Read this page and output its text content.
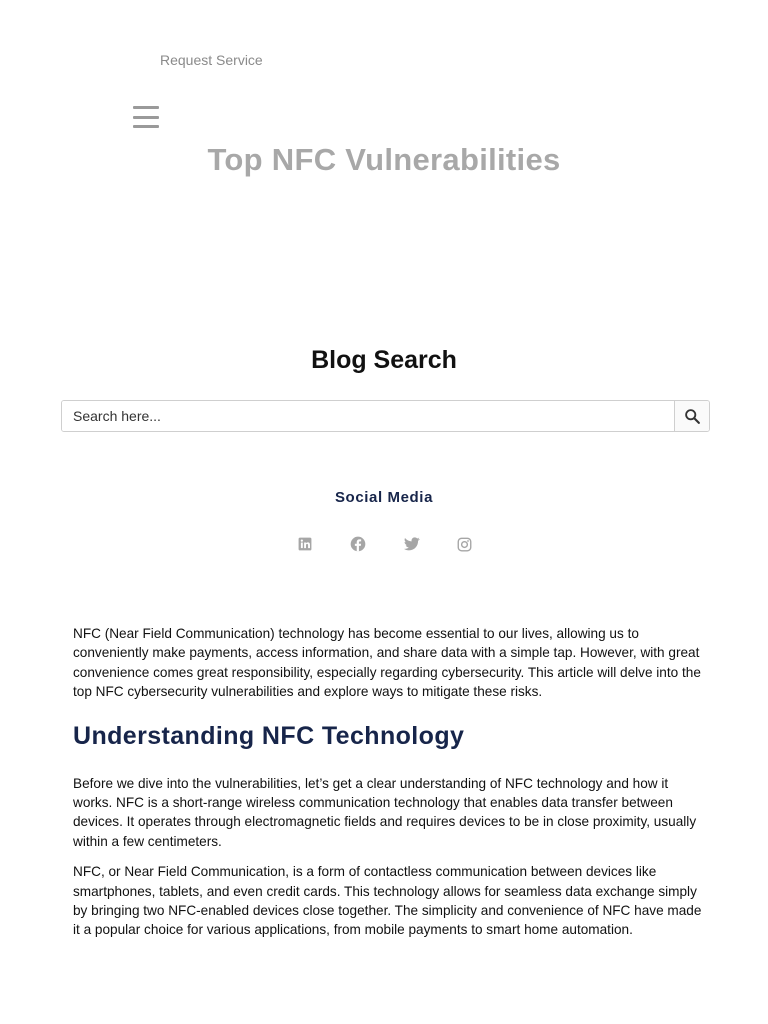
Request Service
Top NFC Vulnerabilities
Blog Search
Search here...
Social Media

NFC (Near Field Communication) technology has become essential to our lives, allowing us to conveniently make payments, access information, and share data with a simple tap. However, with great convenience comes great responsibility, especially regarding cybersecurity. This article will delve into the top NFC cybersecurity vulnerabilities and explore ways to mitigate these risks.

Understanding NFC Technology

Before we dive into the vulnerabilities, let’s get a clear understanding of NFC technology and how it works. NFC is a short-range wireless communication technology that enables data transfer between devices. It operates through electromagnetic fields and requires devices to be in close proximity, usually within a few centimeters.

NFC, or Near Field Communication, is a form of contactless communication between devices like smartphones, tablets, and even credit cards. This technology allows for seamless data exchange simply by bringing two NFC-enabled devices close together. The simplicity and convenience of NFC have made it a popular choice for various applications, from mobile payments to smart home automation.
